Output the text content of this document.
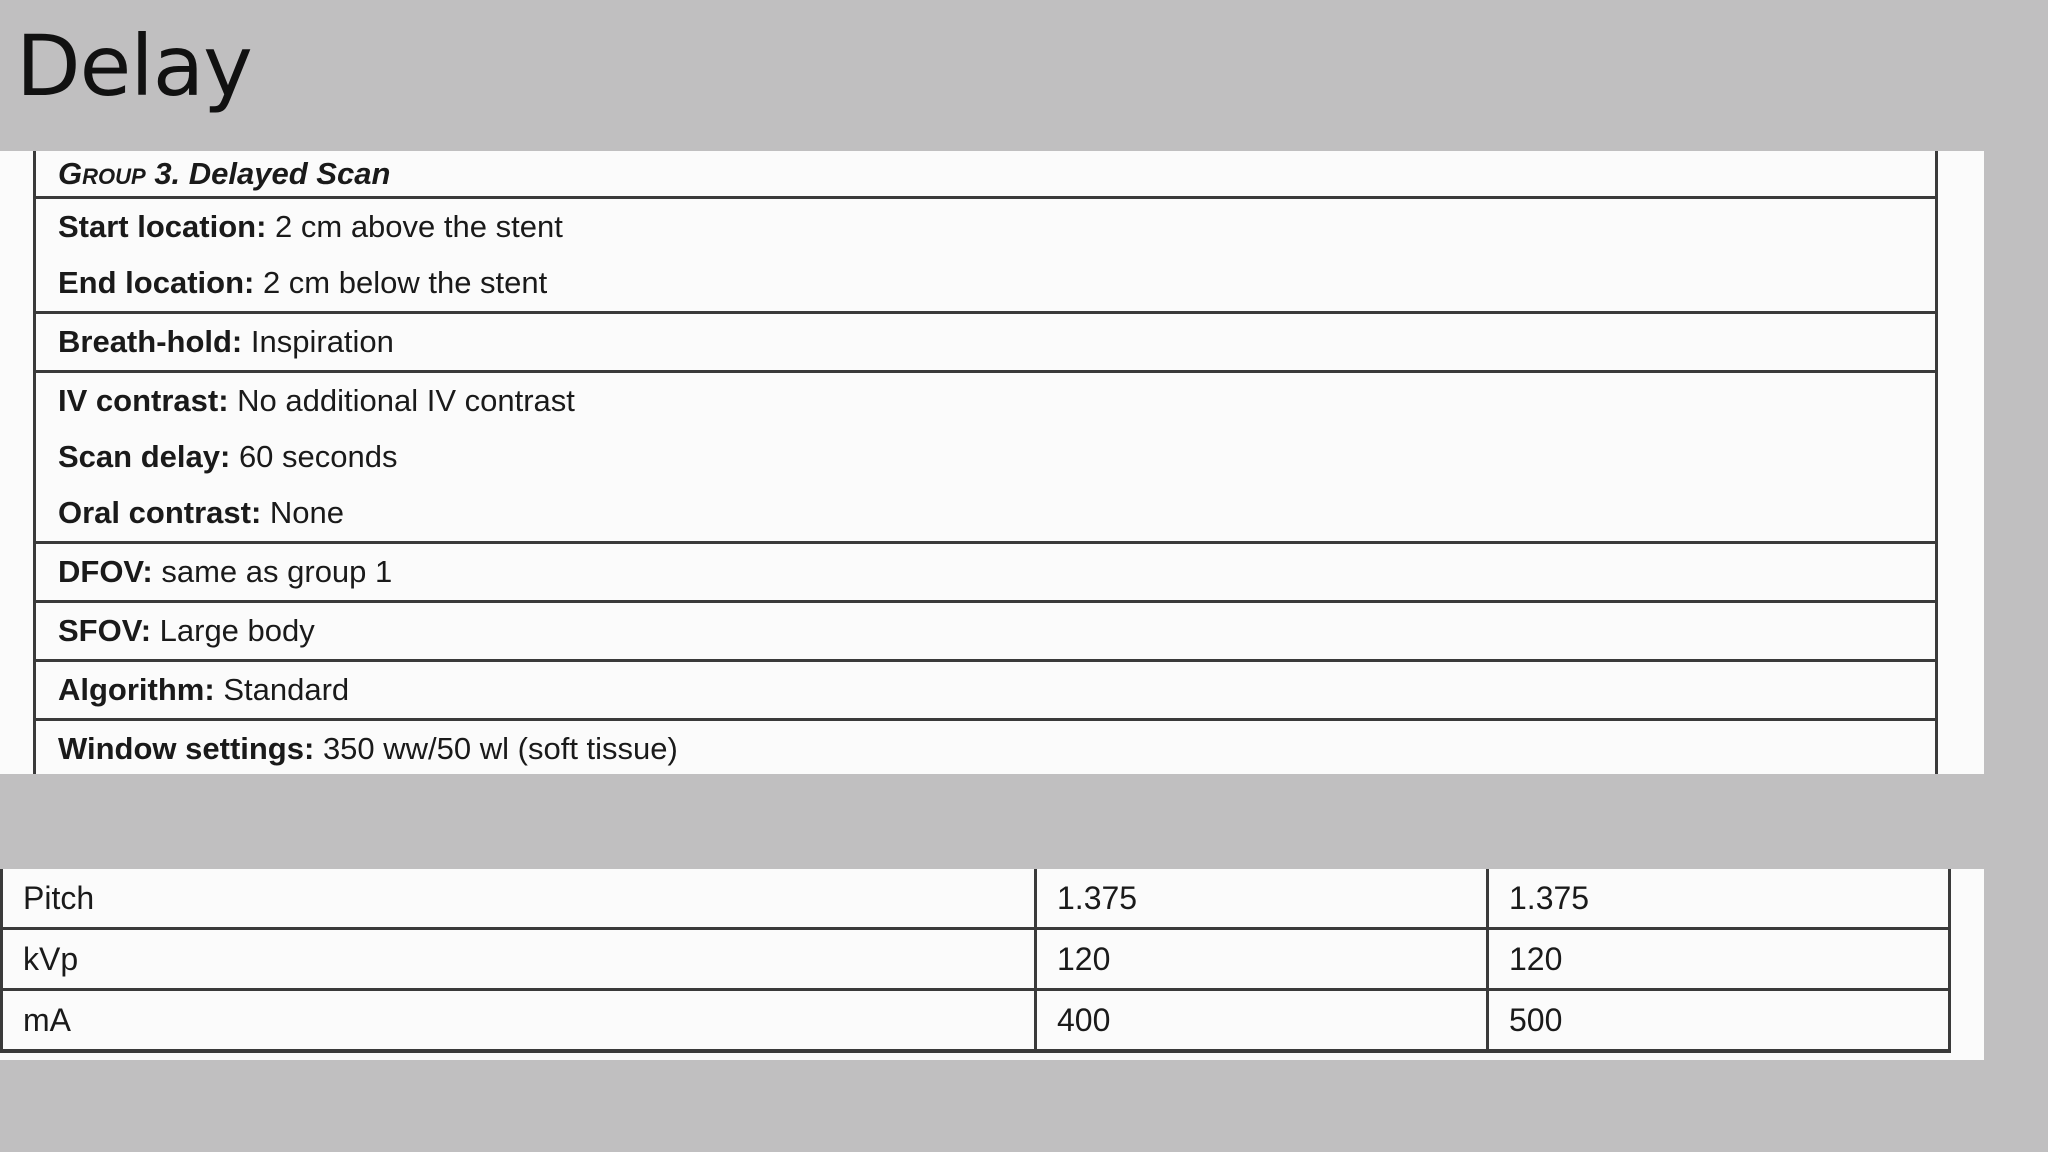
Delay
Group 3. Delayed Scan
Start location: 2 cm above the stent
End location: 2 cm below the stent
Breath-hold: Inspiration
IV contrast: No additional IV contrast
Scan delay: 60 seconds
Oral contrast: None
DFOV: same as group 1
SFOV: Large body
Algorithm: Standard
Window settings: 350 ww/50 wl (soft tissue)
Pitch	1.375	1.375
kVp	120	120
mA	400	500
